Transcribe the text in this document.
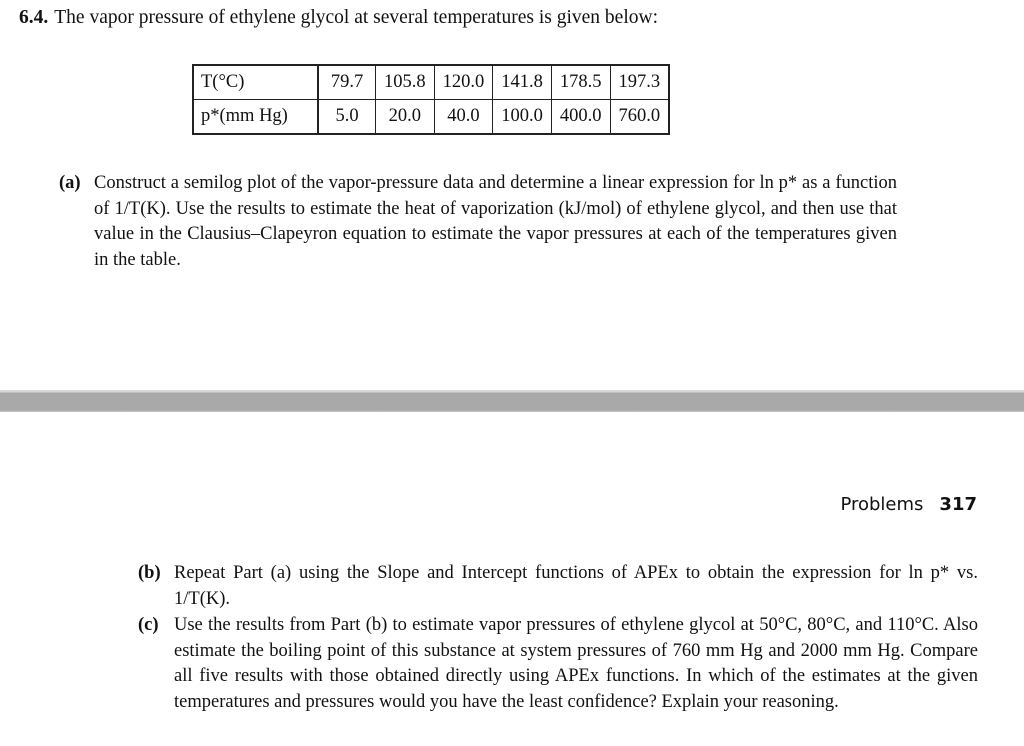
6.4. The vapor pressure of ethylene glycol at several temperatures is given below:
T(°C)	79.7	105.8	120.0	141.8	178.5	197.3
p*(mm Hg)	5.0	20.0	40.0	100.0	400.0	760.0
(a) Construct a semilog plot of the vapor-pressure data and determine a linear expression for ln p* as a function of 1/T(K). Use the results to estimate the heat of vaporization (kJ/mol) of ethylene glycol, and then use that value in the Clausius–Clapeyron equation to estimate the vapor pressures at each of the temperatures given in the table.
Problems 317
(b) Repeat Part (a) using the Slope and Intercept functions of APEx to obtain the expression for ln p* vs. 1/T(K).
(c) Use the results from Part (b) to estimate vapor pressures of ethylene glycol at 50°C, 80°C, and 110°C. Also estimate the boiling point of this substance at system pressures of 760 mm Hg and 2000 mm Hg. Compare all five results with those obtained directly using APEx functions. In which of the estimates at the given temperatures and pressures would you have the least confidence? Explain your reasoning.
